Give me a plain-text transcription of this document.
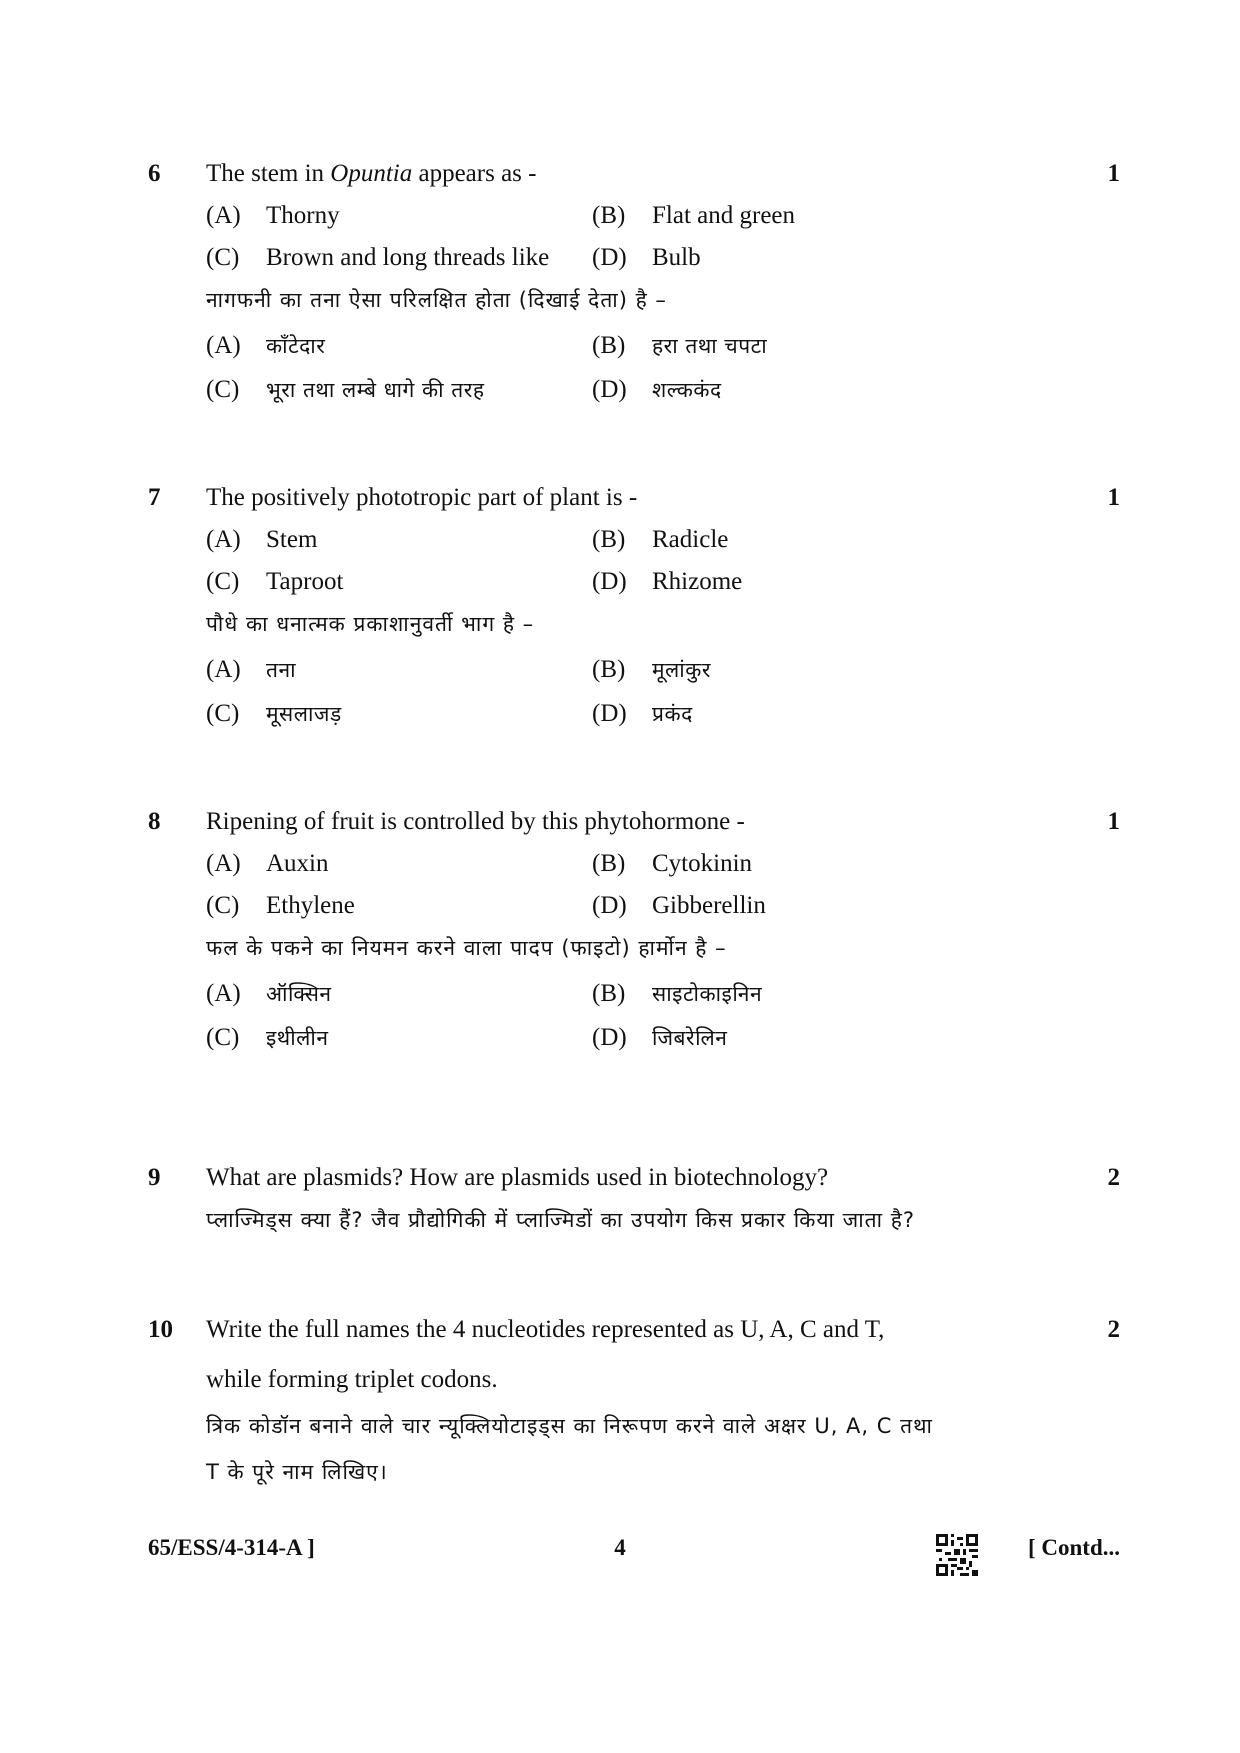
6 The stem in Opuntia appears as -	1
(A) Thorny	(B) Flat and green
(C) Brown and long threads like (D) Bulb
नागफनी का तना ऐसा परिलक्षित होता (दिखाई देता) है –
(A) काँटेदार	(B) हरा तथा चपटा
(C) भूरा तथा लम्बे धागे की तरह	(D) शल्ककंद
7 The positively phototropic part of plant is -	1
(A) Stem	(B) Radicle
(C) Taproot	(D) Rhizome
पौधे का धनात्मक प्रकाशानुवर्ती भाग है –
(A) तना	(B) मूलांकुर
(C) मूसलाजड़	(D) प्रकंद
8 Ripening of fruit is controlled by this phytohormone -	1
(A) Auxin	(B) Cytokinin
(C) Ethylene	(D) Gibberellin
फल के पकने का नियमन करने वाला पादप (फाइटो) हार्मोन है –
(A) ऑक्सिन	(B) साइटोकाइनिन
(C) इथीलीन	(D) जिबरेलिन
9 What are plasmids? How are plasmids used in biotechnology?	2
प्लाज्मिड्स क्या हैं? जैव प्रौद्योगिकी में प्लाज्मिडों का उपयोग किस प्रकार किया जाता है?
10 Write the full names the 4 nucleotides represented as U, A, C and T,	2
while forming triplet codons.
त्रिक कोडॉन बनाने वाले चार न्यूक्लियोटाइड्स का निरूपण करने वाले अक्षर U, A, C तथा
T के पूरे नाम लिखिए।
65/ESS/4-314-A ]	4	[ Contd...
